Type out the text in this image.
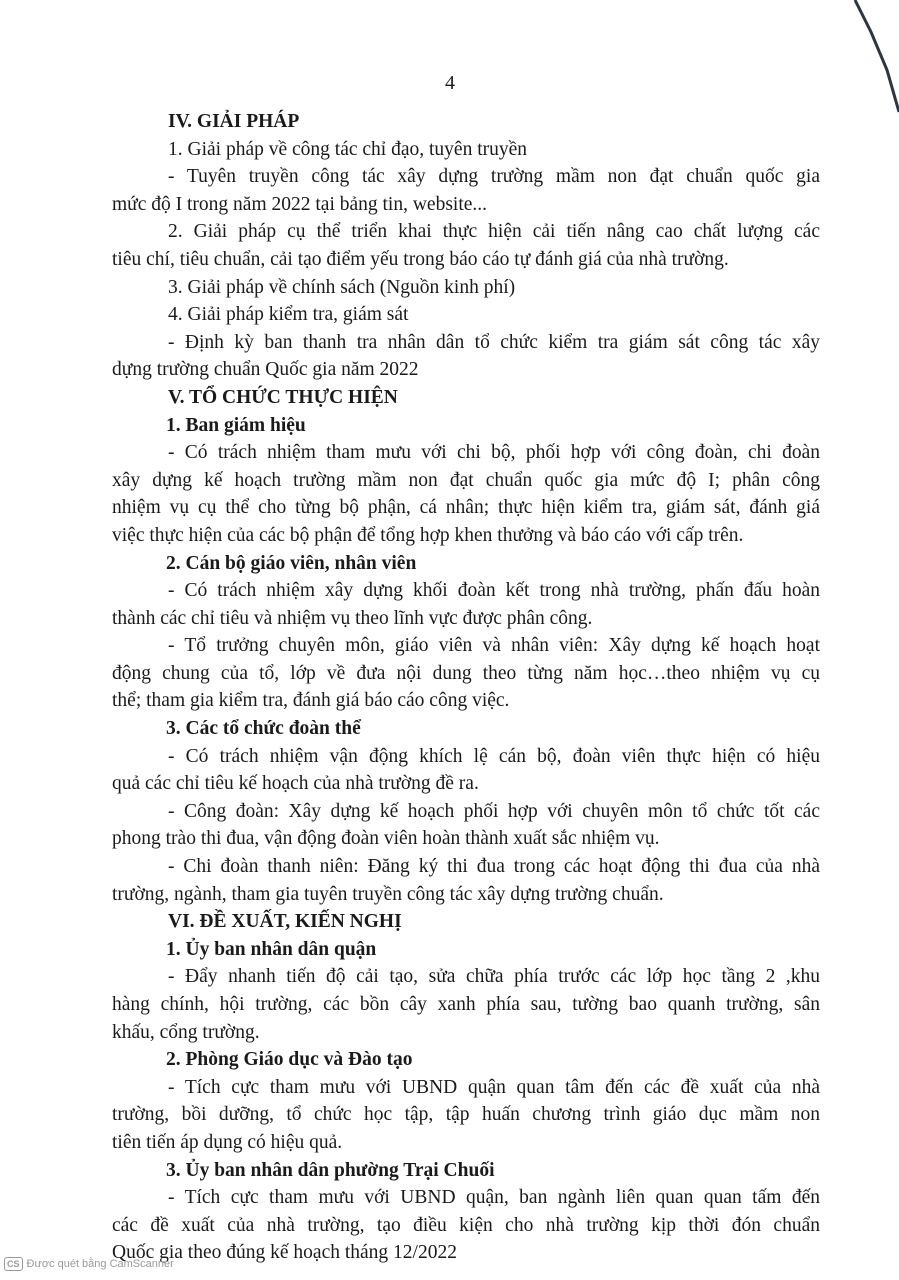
4
IV. GIẢI PHÁP
1. Giải pháp về công tác chỉ đạo, tuyên truyền
- Tuyên truyền công tác xây dựng trường mầm non đạt chuẩn quốc gia
mức độ I trong năm 2022 tại bảng tin, website...
2. Giải pháp cụ thể triển khai thực hiện cải tiến nâng cao chất lượng các
tiêu chí, tiêu chuẩn, cải tạo điểm yếu trong báo cáo tự đánh giá của nhà trường.
3. Giải pháp về chính sách (Nguồn kinh phí)
4. Giải pháp kiểm tra, giám sát
- Định kỳ ban thanh tra nhân dân tổ chức kiểm tra giám sát công tác xây
dựng trường chuẩn Quốc gia năm 2022
V. TỔ CHỨC THỰC HIỆN
1. Ban giám hiệu
- Có trách nhiệm tham mưu với chi bộ, phối hợp với công đoàn, chi đoàn
xây dựng kế hoạch trường mầm non đạt chuẩn quốc gia mức độ I; phân công
nhiệm vụ cụ thể cho từng bộ phận, cá nhân; thực hiện kiểm tra, giám sát, đánh giá
việc thực hiện của các bộ phận để tổng hợp khen thưởng và báo cáo với cấp trên.
2. Cán bộ giáo viên, nhân viên
- Có trách nhiệm xây dựng khối đoàn kết trong nhà trường, phấn đấu hoàn
thành các chỉ tiêu và nhiệm vụ theo lĩnh vực được phân công.
- Tổ trưởng chuyên môn, giáo viên và nhân viên: Xây dựng kế hoạch hoạt
động chung của tổ, lớp về đưa nội dung theo từng năm học…theo nhiệm vụ cụ
thể; tham gia kiểm tra, đánh giá báo cáo công việc.
3. Các tổ chức đoàn thể
- Có trách nhiệm vận động khích lệ cán bộ, đoàn viên thực hiện có hiệu
quả các chỉ tiêu kế hoạch của nhà trường đề ra.
- Công đoàn: Xây dựng kế hoạch phối hợp với chuyên môn tổ chức tốt các
phong trào thi đua, vận động đoàn viên hoàn thành xuất sắc nhiệm vụ.
- Chi đoàn thanh niên: Đăng ký thi đua trong các hoạt động thi đua của nhà
trường, ngành, tham gia tuyên truyền công tác xây dựng trường chuẩn.
VI. ĐỀ XUẤT, KIẾN NGHỊ
1. Ủy ban nhân dân quận
- Đẩy nhanh tiến độ cải tạo, sửa chữa phía trước các lớp học tầng 2 ,khu
hàng chính, hội trường, các bồn cây xanh phía sau, tường bao quanh trường, sân
khấu, cổng trường.
2. Phòng Giáo dục và Đào tạo
- Tích cực tham mưu với UBND quận quan tâm đến các đề xuất của nhà
trường, bồi dưỡng, tổ chức học tập, tập huấn chương trình giáo dục mầm non
tiên tiến áp dụng có hiệu quả.
3. Ủy ban nhân dân phường Trại Chuối
- Tích cực tham mưu với UBND quận, ban ngành liên quan quan tấm đến
các đề xuất của nhà trường, tạo điều kiện cho nhà trường kịp thời đón chuẩn
Quốc gia theo đúng kế hoạch tháng 12/2022
CS Được quét bằng CamScanner
